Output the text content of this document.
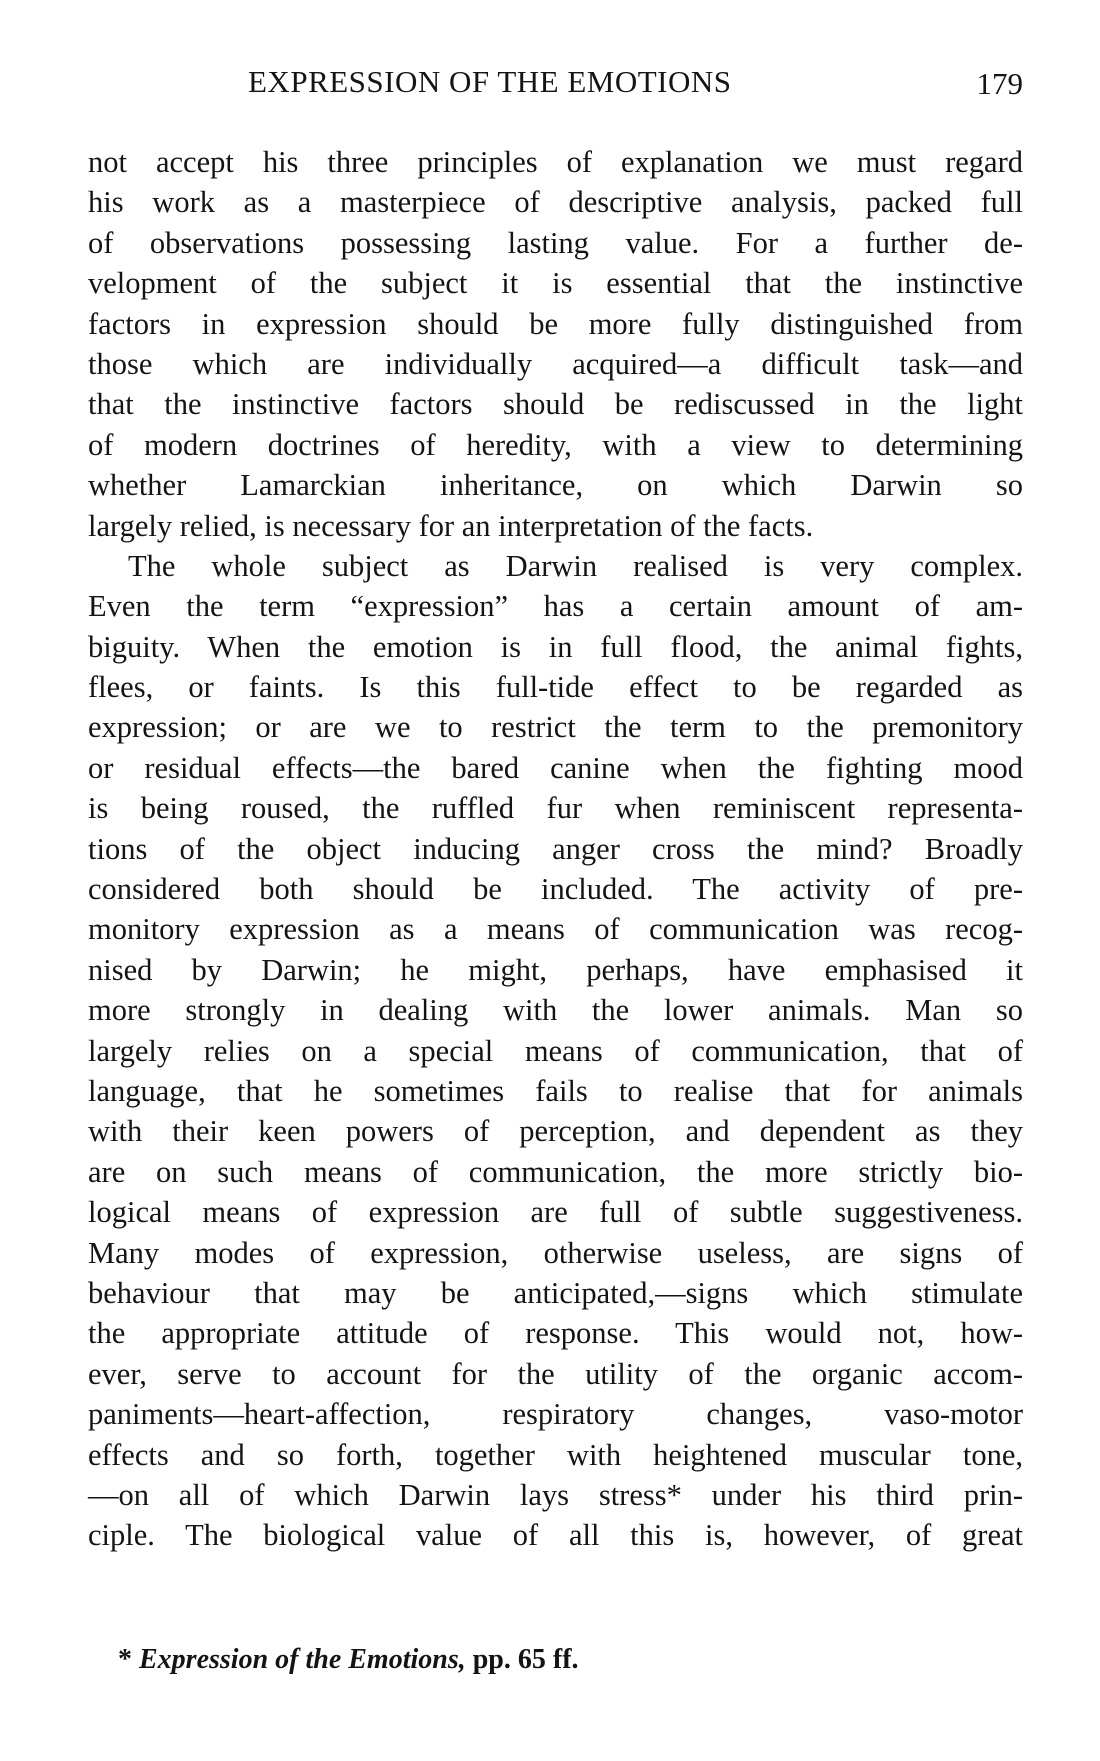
EXPRESSION OF THE EMOTIONS	179
not accept his three principles of explanation we must regard
his work as a masterpiece of descriptive analysis, packed full
of observations possessing lasting value. For a further de-
velopment of the subject it is essential that the instinctive
factors in expression should be more fully distinguished from
those which are individually acquired—a difficult task—and
that the instinctive factors should be rediscussed in the light
of modern doctrines of heredity, with a view to determining
whether Lamarckian inheritance, on which Darwin so
largely relied, is necessary for an interpretation of the facts.
The whole subject as Darwin realised is very complex.
Even the term “expression” has a certain amount of am-
biguity. When the emotion is in full flood, the animal fights,
flees, or faints. Is this full-tide effect to be regarded as
expression; or are we to restrict the term to the premonitory
or residual effects—the bared canine when the fighting mood
is being roused, the ruffled fur when reminiscent representa-
tions of the object inducing anger cross the mind? Broadly
considered both should be included. The activity of pre-
monitory expression as a means of communication was recog-
nised by Darwin; he might, perhaps, have emphasised it
more strongly in dealing with the lower animals. Man so
largely relies on a special means of communication, that of
language, that he sometimes fails to realise that for animals
with their keen powers of perception, and dependent as they
are on such means of communication, the more strictly bio-
logical means of expression are full of subtle suggestiveness.
Many modes of expression, otherwise useless, are signs of
behaviour that may be anticipated,—signs which stimulate
the appropriate attitude of response. This would not, how-
ever, serve to account for the utility of the organic accom-
paniments—heart-affection, respiratory changes, vaso-motor
effects and so forth, together with heightened muscular tone,
—on all of which Darwin lays stress* under his third prin-
ciple. The biological value of all this is, however, of great
* Expression of the Emotions, pp. 65 ff.
